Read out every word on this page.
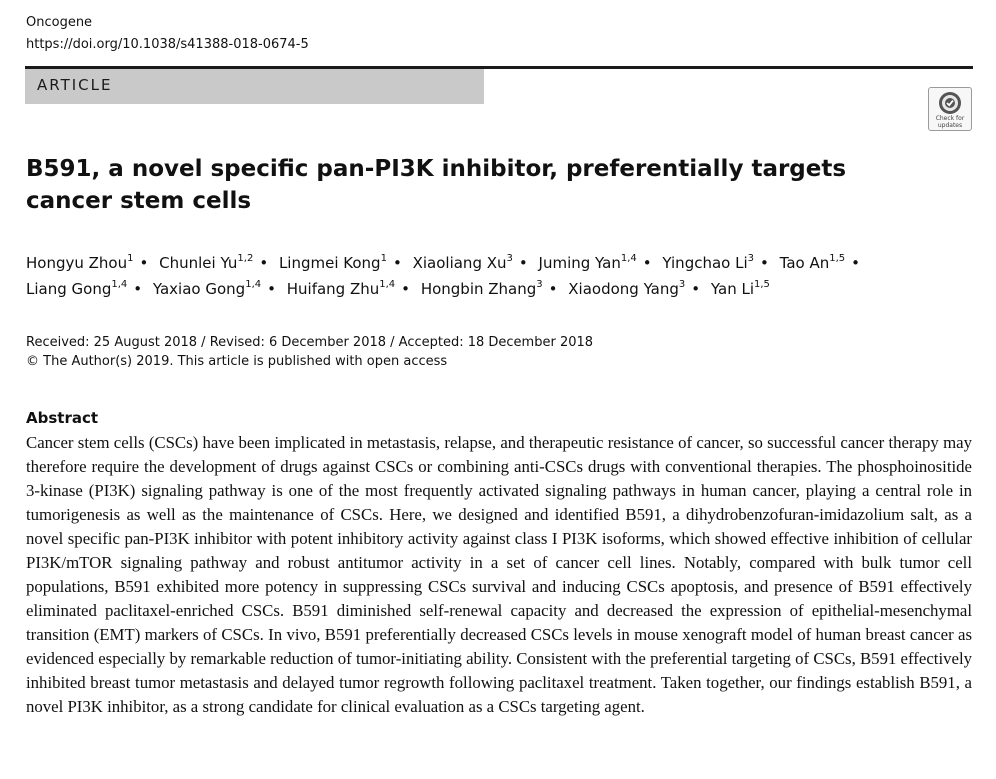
Oncogene
https://doi.org/10.1038/s41388-018-0674-5
ARTICLE
Check for updates
B591, a novel specific pan-PI3K inhibitor, preferentially targets cancer stem cells
Hongyu Zhou$^1$ • Chunlei Yu$^{1,2}$ • Lingmei Kong$^1$ • Xiaoliang Xu$^3$ • Juming Yan$^{1,4}$ • Yingchao Li$^3$ • Tao An$^{1,5}$ • Liang Gong$^{1,4}$ • Yaxiao Gong$^{1,4}$ • Huifang Zhu$^{1,4}$ • Hongbin Zhang$^3$ • Xiaodong Yang$^3$ • Yan Li$^{1,5}$
Received: 25 August 2018 / Revised: 6 December 2018 / Accepted: 18 December 2018
© The Author(s) 2019. This article is published with open access
Abstract
Cancer stem cells (CSCs) have been implicated in metastasis, relapse, and therapeutic resistance of cancer, so successful cancer therapy may therefore require the development of drugs against CSCs or combining anti-CSCs drugs with conventional therapies. The phosphoinositide 3-kinase (PI3K) signaling pathway is one of the most frequently activated signaling pathways in human cancer, playing a central role in tumorigenesis as well as the maintenance of CSCs. Here, we designed and identified B591, a dihydrobenzofuran-imidazolium salt, as a novel specific pan-PI3K inhibitor with potent inhibitory activity against class I PI3K isoforms, which showed effective inhibition of cellular PI3K/mTOR signaling pathway and robust antitumor activity in a set of cancer cell lines. Notably, compared with bulk tumor cell populations, B591 exhibited more potency in suppressing CSCs survival and inducing CSCs apoptosis, and presence of B591 effectively eliminated paclitaxel-enriched CSCs. B591 diminished self-renewal capacity and decreased the expression of epithelial-mesenchymal transition (EMT) markers of CSCs. In vivo, B591 preferentially decreased CSCs levels in mouse xenograft model of human breast cancer as evidenced especially by remarkable reduction of tumor-initiating ability. Consistent with the preferential targeting of CSCs, B591 effectively inhibited breast tumor metastasis and delayed tumor regrowth following paclitaxel treatment. Taken together, our findings establish B591, a novel PI3K inhibitor, as a strong candidate for clinical evaluation as a CSCs targeting agent.
